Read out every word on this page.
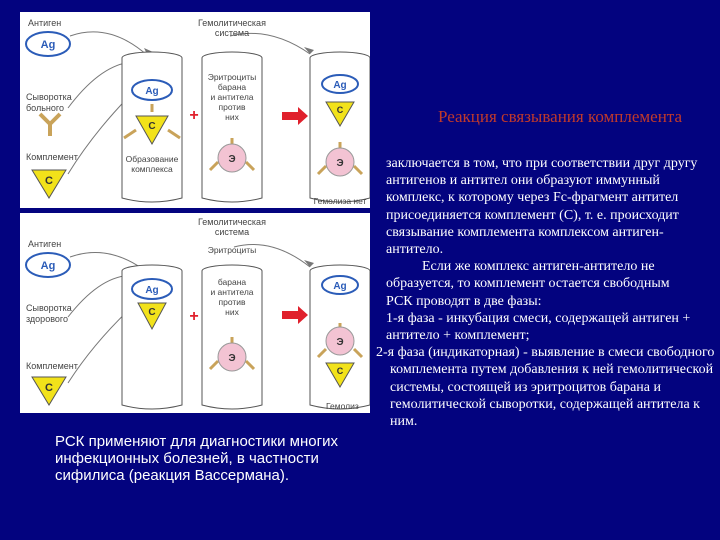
Антиген
Ag
Сыворотка
больного
Комплемент
C
Гемолитическая
система
Ag
C
Образование
комплекса
+
Эритроциты
барана
и антитела
против
них
Э
Ag
C
Э
Гемолиза нет
Антиген
Ag
Сыворотка
здорового
Комплемент
C
Гемолитическая
система
Ag
C +
Эритроциты
барана
и антитела
против
них
Э
Ag
Э
C
Гемолиз
РСК применяют для диагностики многих инфекционных болезней, в частности сифилиса (реакция Вассермана).
Реакция связывания комплемента

заключается в том, что при соответствии друг другу антигенов и антител они образуют иммунный комплекс, к которому через Fc-фрагмент антител присоединяется комплемент (C), т. е. происходит связывание комплемента комплексом антиген-антитело.

Если же комплекс антиген-антитело не образуется, то комплемент остается свободным

РСК проводят в две фазы:

1-я фаза - инкубация смеси, содержащей антиген + антитело + комплемент;

2-я фаза (индикаторная) - выявление в смеси свободного комплемента путем добавления к ней гемолитической системы, состоящей из эритроцитов барана и гемолитической сыворотки, содержащей антитела к ним.
